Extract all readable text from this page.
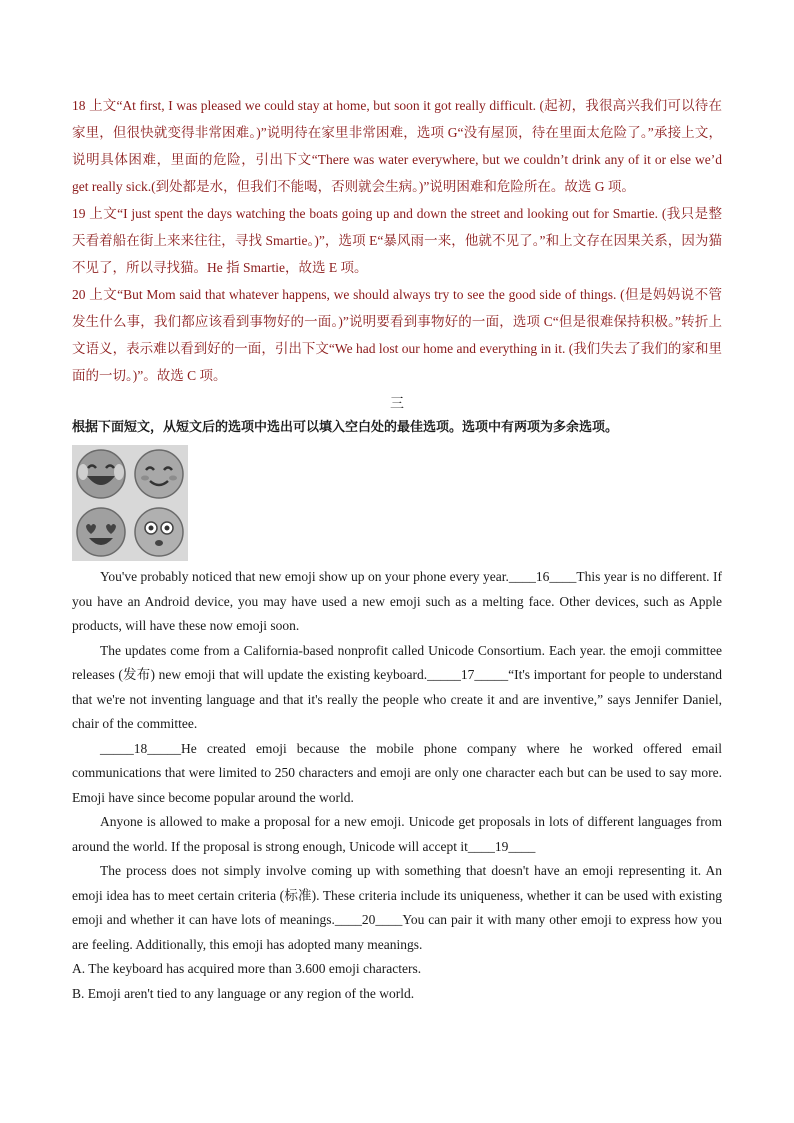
18 上文“At first, I was pleased we could stay at home, but soon it got really difficult. (起初，我很高兴我们可以待在家里，但很快就变得非常困难。)”说明待在家里非常困难，选项 G“没有屋顶，待在里面太危险了。”承接上文，说明具体困难，里面的危险，引出下文“There was water everywhere, but we couldn’t drink any of it or else we’d get really sick.(到处都是水，但我们不能喝，否则就会生病。)”说明困难和危险所在。故选 G 项。

19 上文“I just spent the days watching the boats going up and down the street and looking out for Smartie. (我只是整天看着船在街上来来往往，寻找 Smartie。)”，选项 E“暴风雨一来，他就不见了。”和上文存在因果关系，因为猫不见了，所以寻找猫。He 指 Smartie，故选 E 项。

20 上文“But Mom said that whatever happens, we should always try to see the good side of things. (但是妈妈说不管发生什么事，我们都应该看到事物好的一面。)”说明要看到事物好的一面，选项 C“但是很难保持积极。”转折上文语义，表示难以看到好的一面，引出下文“We had lost our home and everything in it. (我们失去了我们的家和里面的一切。)”。故选 C 项。

三

根据下面短文，从短文后的选项中选出可以填入空白处的最佳选项。选项中有两项为多余选项。

You've probably noticed that new emoji show up on your phone every year.____16____This year is no different. If you have an Android device, you may have used a new emoji such as a melting face. Other devices, such as Apple products, will have these now emoji soon.

The updates come from a California-based nonprofit called Unicode Consortium. Each year. the emoji committee releases (发布) new emoji that will update the existing keyboard._____17_____“It's important for people to understand that we're not inventing language and that it's really the people who create it and are inventive,” says Jennifer Daniel, chair of the committee.

_____18_____He created emoji because the mobile phone company where he worked offered email communications that were limited to 250 characters and emoji are only one character each but can be used to say more. Emoji have since become popular around the world.

Anyone is allowed to make a proposal for a new emoji. Unicode get proposals in lots of different languages from around the world. If the proposal is strong enough, Unicode will accept it____19____

The process does not simply involve coming up with something that doesn't have an emoji representing it. An emoji idea has to meet certain criteria (标准). These criteria include its uniqueness, whether it can be used with existing emoji and whether it can have lots of meanings.____20____You can pair it with many other emoji to express how you are feeling. Additionally, this emoji has adopted many meanings.

A. The keyboard has acquired more than 3.600 emoji characters.

B. Emoji aren't tied to any language or any region of the world.
